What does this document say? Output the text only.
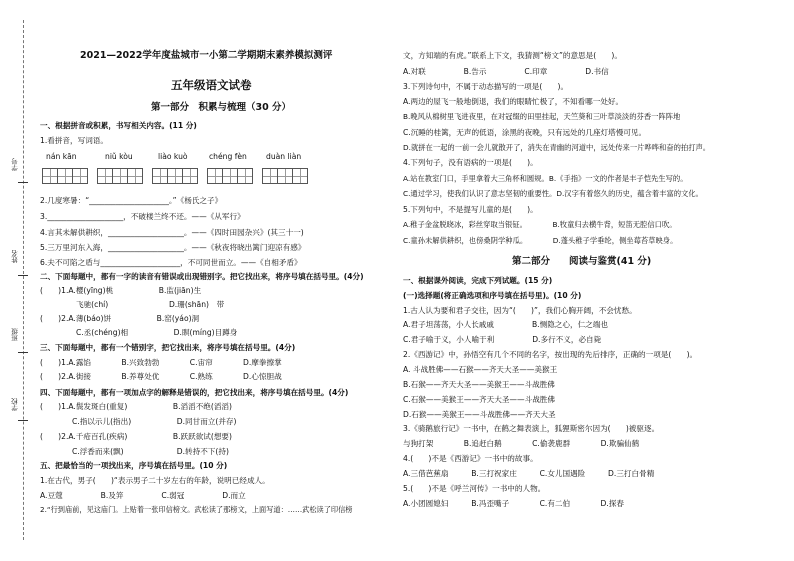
学号
姓名
班级
学校
2021—2022学年度盐城市一小第二学期期末素养模拟测评
五年级语文试卷
第一部分　积累与梳理（30 分）
一、根据拼音或积累，书写相关内容。(11 分)
1.看拼音，写词语。
nán kān	niǔ kòu	liào kuò	chéng fèn	duàn liàn
2.几度寒暑：“_____________________。”《杨氏之子》
3.____________________，不破楼兰终不还。——《从军行》
4.言其未解供耕织，____________________。——《四时田园杂兴》(其三十一)
5.三万里河东入海，____________________。——《秋夜将晓出篱门迎凉有感》
6.夫不可陷之盾与_____________________，不可同世而立。——《自相矛盾》
二、下面每题中，都有一字的读音有错误或出现错别字。把它找出来，将序号填在括号里。(4分)
(　　)1.A.樱(yīng)桃　　　　　　B.监(jiān)生
飞驰(chí)　　　　　　　　D.珊(shān)　带
(　　)2.A.薄(báo)饼　　　　　　B.窑(yáo)洞
C.丞(chéng)相　　　　　　D.瞑(míng)目蹲身
三、下面每题中，都有一个错别字，把它找出来，将序号填在括号里。(4分)
(　　)1.A.露馅　　　　B.兴致勃勃　　　　C.宙帘　　　　D.摩拳擦掌
(　　)2.A.街接　　　　B.养尊处优　　　　C.熟练　　　　D.心惊胆战
四、下面每题中，都有一项加点字的解释是错误的，把它找出来，将序号填在括号里。(4分)
(　　)1.A.鬓发斑白(重复)　　　　　　B.滔滔不绝(滔滔)
C.指以示儿(指出)　　　　　　D.同甘而立(并存)
(　　)2.A.千疮百孔(疾病)　　　　　　B.跃跃欲试(想要)
C.浮香而来(飘)　　　　　　　D.转持不下(持)
五、把最恰当的一项找出来，序号填在括号里。(10 分)
1.在古代，男子(　　)“表示男子二十岁左右的年龄，说明已经成人。
A.豆蔻　　　　　B.及笄　　　　　C.弱冠　　　　　D.而立
2.“行到庙前，见这庙门。上贴着一张印信榜文。武松读了那榜文，上面写道：……武松读了印信榜
文，方知端的有虎。”联系上下文，我猜测“榜文”的意思是(　　)。
A.对联　　　　　B.告示　　　　　C.印章　　　　　D.书信
3.下列诗句中，不属于动态描写的一项是(　　)。
A.两边的屋飞一般地倒退，我们的眼睛忙极了，不知看哪一处好。
B.晚风从棉树里飞进夜里，在对冠缀的田里挂起，天竺葵和三叶草淡淡的芬香一阵阵地
C.沉睡的桂篱，无声的低语，涂黑的夜晚，只有远处的几座灯塔慢可见。
D.就拼在一起的一前一会儿就散开了，消失在青幽的河道中，远处传来一片哗哗和奋的拍打声。
4.下列句子，没有语病的一项是(　　)。
A.站在教室门口，手里拿着大三角杯和圆规。B.《手指》一文的作者是丰子恺先生写的。
C.通过学习，使我们认识了意志坚韧的重要性。D.汉字有着悠久的历史，蕴含着丰富的文化。
5.下列句中，不是提写儿童的是(　　)。
A.稚子金盆脱晓冰，彩丝穿取当银钲。　　　　B.牧童归去横牛背，短笛无腔信口吹。
C.童孙未解供耕织，也傍桑阴学种瓜。　　　　D.蓬头稚子学垂纶，侧坐莓苔草映身。
第二部分　　阅读与鉴赏(41 分)
一、根据课外阅读，完成下列试题。(15 分)
(一)选择题(将正确选项和序号填在括号里)。(10 分)
1.古人认为要和君子交往，因为“(　　)”，我们心胸开阔，不会忧愁。
A.君子坦荡荡，小人长戚戚　　　　　B.恻隐之心，仁之端也
C.君子喻于义，小人喻于利　　　　　D.多行不义，必自毙
2.《西游记》中，孙悟空有几个不同的名字，按出现的先后排序，正确的一项是(　　)。
A. 斗战胜佛——石猴——齐天大圣——美猴王
B.石猴——齐天大圣——美猴王——斗战胜佛
C.石猴——美猴王——齐天大圣——斗战胜佛
D.石猴——美猴王——斗战胜佛——齐天大圣
3.《骑鹅旅行记》一书中，在鹤之舞表演上，狐狸斯密尔因为(　　)被驱逐。
与狗打架　　　　B.追赶白鹅　　　　C.偷袭鹿群　　　　D.欺骗仙鹤
4.(　　)不是《西游记》一书中的故事。
A.三借芭蕉扇　　　B.三打祝家庄　　　C.女儿国遇险　　　D.三打白骨精
5.(　　)不是《呼兰河传》一书中的人物。
A.小团圆媳妇　　　B.冯歪嘴子　　　　C.有二伯　　　　D.探春
